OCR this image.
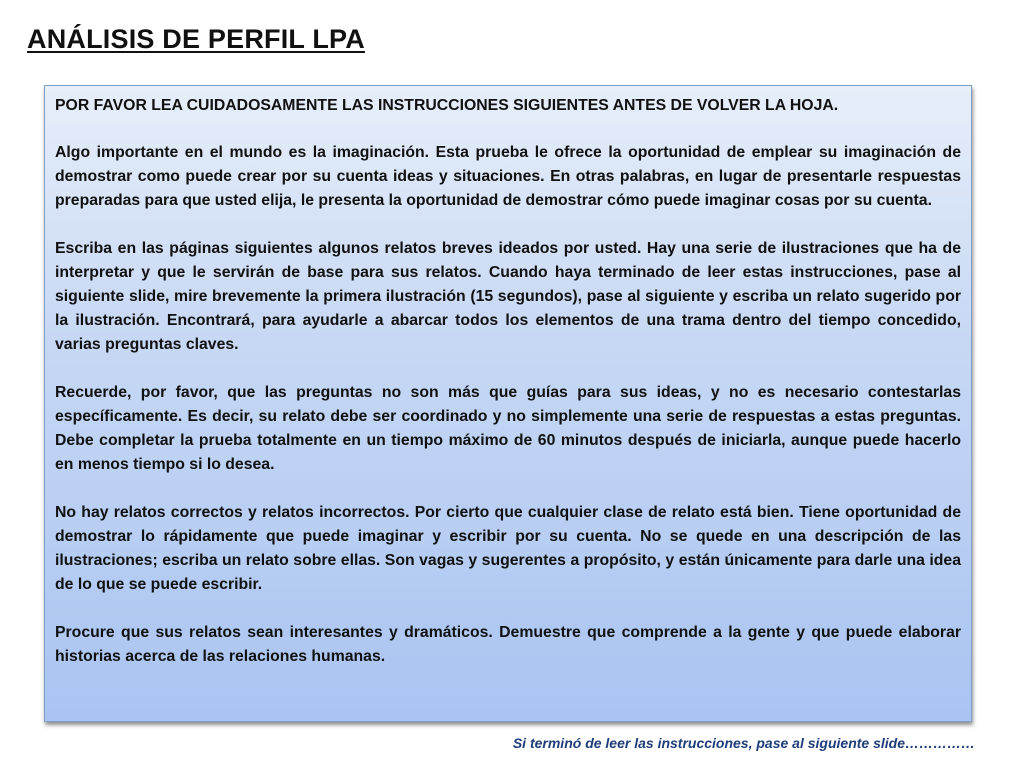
ANÁLISIS DE PERFIL LPA

POR FAVOR LEA CUIDADOSAMENTE LAS INSTRUCCIONES SIGUIENTES ANTES DE VOLVER LA HOJA.

Algo importante en el mundo es la imaginación. Esta prueba le ofrece la oportunidad de emplear su imaginación de demostrar como puede crear por su cuenta ideas y situaciones. En otras palabras, en lugar de presentarle respuestas preparadas para que usted elija, le presenta la oportunidad de demostrar cómo puede imaginar cosas por su cuenta.

Escriba en las páginas siguientes algunos relatos breves ideados por usted. Hay una serie de ilustraciones que ha de interpretar y que le servirán de base para sus relatos. Cuando haya terminado de leer estas instrucciones, pase al siguiente slide, mire brevemente la primera ilustración (15 segundos), pase al siguiente y escriba un relato sugerido por la ilustración. Encontrará, para ayudarle a abarcar todos los elementos de una trama dentro del tiempo concedido, varias preguntas claves.

Recuerde, por favor, que las preguntas no son más que guías para sus ideas, y no es necesario contestarlas específicamente. Es decir, su relato debe ser coordinado y no simplemente una serie de respuestas a estas preguntas. Debe completar la prueba totalmente en un tiempo máximo de 60 minutos después de iniciarla, aunque puede hacerlo en menos tiempo si lo desea.

No hay relatos correctos y relatos incorrectos. Por cierto que cualquier clase de relato está bien. Tiene oportunidad de demostrar lo rápidamente que puede imaginar y escribir por su cuenta. No se quede en una descripción de las ilustraciones; escriba un relato sobre ellas. Son vagas y sugerentes a propósito, y están únicamente para darle una idea de lo que se puede escribir.

Procure que sus relatos sean interesantes y dramáticos. Demuestre que comprende a la gente y que puede elaborar historias acerca de las relaciones humanas.

Si terminó de leer las instrucciones, pase al siguiente slide……………
